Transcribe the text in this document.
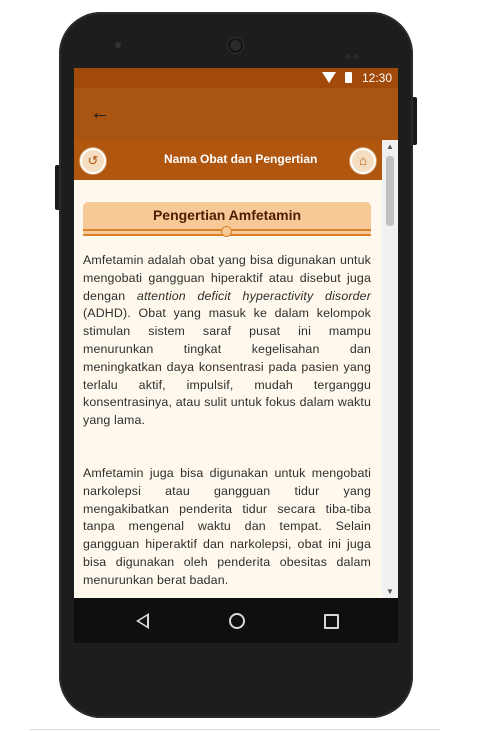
12:30
←
↺	Nama Obat dan Pengertian	⌂
▲
▼
Pengertian Amfetamin

Amfetamin adalah obat yang bisa digunakan untuk mengobati gangguan hiperaktif atau disebut juga dengan attention deficit hyperactivity disorder (ADHD). Obat yang masuk ke dalam kelompok stimulan sistem saraf pusat ini mampu menurunkan tingkat kegelisahan dan meningkatkan daya konsentrasi pada pasien yang terlalu aktif, impulsif, mudah terganggu konsentrasinya, atau sulit untuk fokus dalam waktu yang lama.

Amfetamin juga bisa digunakan untuk mengobati narkolepsi atau gangguan tidur yang mengakibatkan penderita tidur secara tiba-tiba tanpa mengenal waktu dan tempat. Selain gangguan hiperaktif dan narkolepsi, obat ini juga bisa digunakan oleh penderita obesitas dalam menurunkan berat badan.
